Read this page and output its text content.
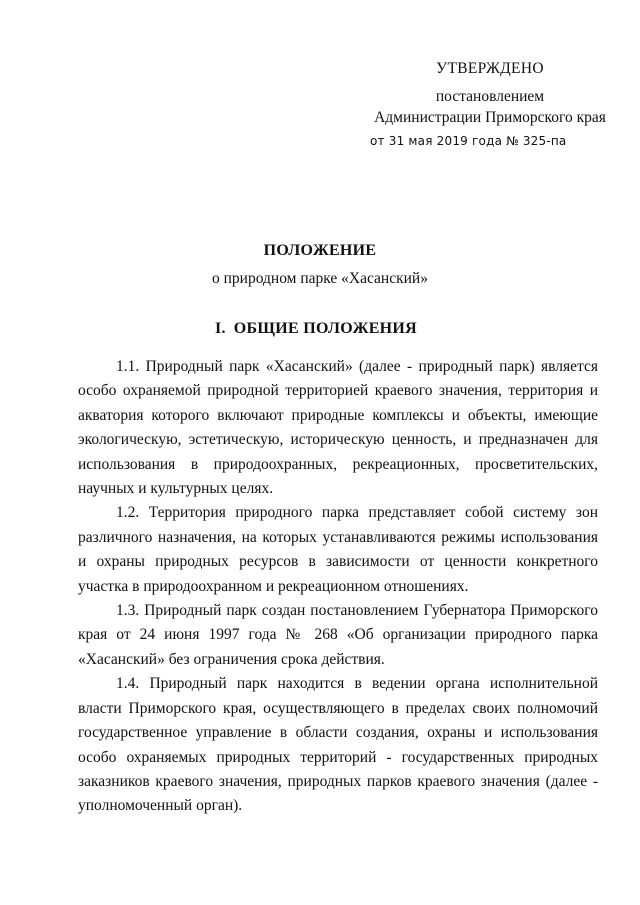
УТВЕРЖДЕНО
постановлением
Администрации Приморского края
от 31 мая 2019 года № 325-па
ПОЛОЖЕНИЕ
о природном парке «Хасанский»
I. ОБЩИЕ ПОЛОЖЕНИЯ

1.1. Природный парк «Хасанский» (далее - природный парк) является особо охраняемой природной территорией краевого значения, территория и акватория которого включают природные комплексы и объекты, имеющие экологическую, эстетическую, историческую ценность, и предназначен для использования в природоохранных, рекреационных, просветительских, научных и культурных целях.

1.2. Территория природного парка представляет собой систему зон различного назначения, на которых устанавливаются режимы использования и охраны природных ресурсов в зависимости от ценности конкретного участка в природоохранном и рекреационном отношениях.

1.3. Природный парк создан постановлением Губернатора Приморского края от 24 июня 1997 года № 268 «Об организации природного парка «Хасанский» без ограничения срока действия.

1.4. Природный парк находится в ведении органа исполнительной власти Приморского края, осуществляющего в пределах своих полномочий государственное управление в области создания, охраны и использования особо охраняемых природных территорий - государственных природных заказников краевого значения, природных парков краевого значения (далее - уполномоченный орган).
